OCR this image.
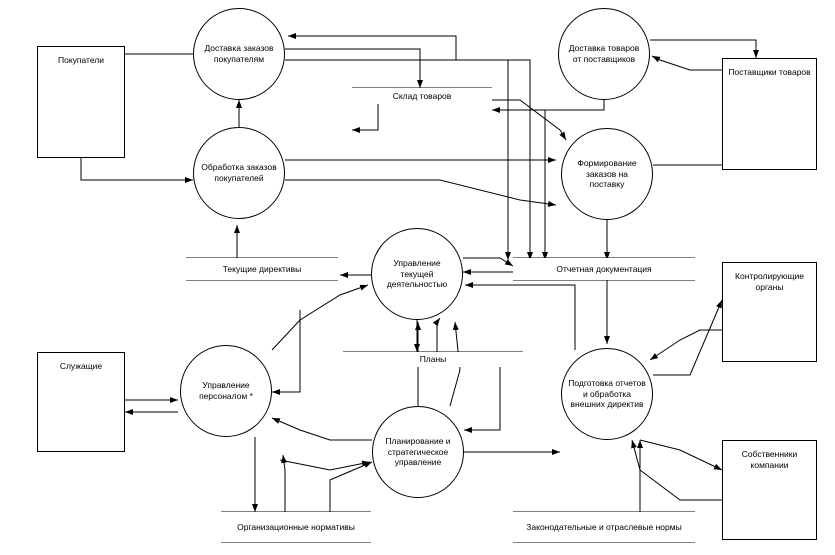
Доставка заказов покупателям
Доставка товаров от поставщиков
Обработка заказов покупателей
Формирование заказов на поставку
Управление текущей деятельностью
Управление персоналом *
Подготовка отчетов и обработка внешних директив
Планирование и стратегическое управление
Покупатели
Поставщики товаров
Контролирующие органы
Служащие
Собственники компании
Склад товаров
Текущие директивы	Отчетная документация
Планы
Организационные нормативы	Законодательные и отраслевые нормы
